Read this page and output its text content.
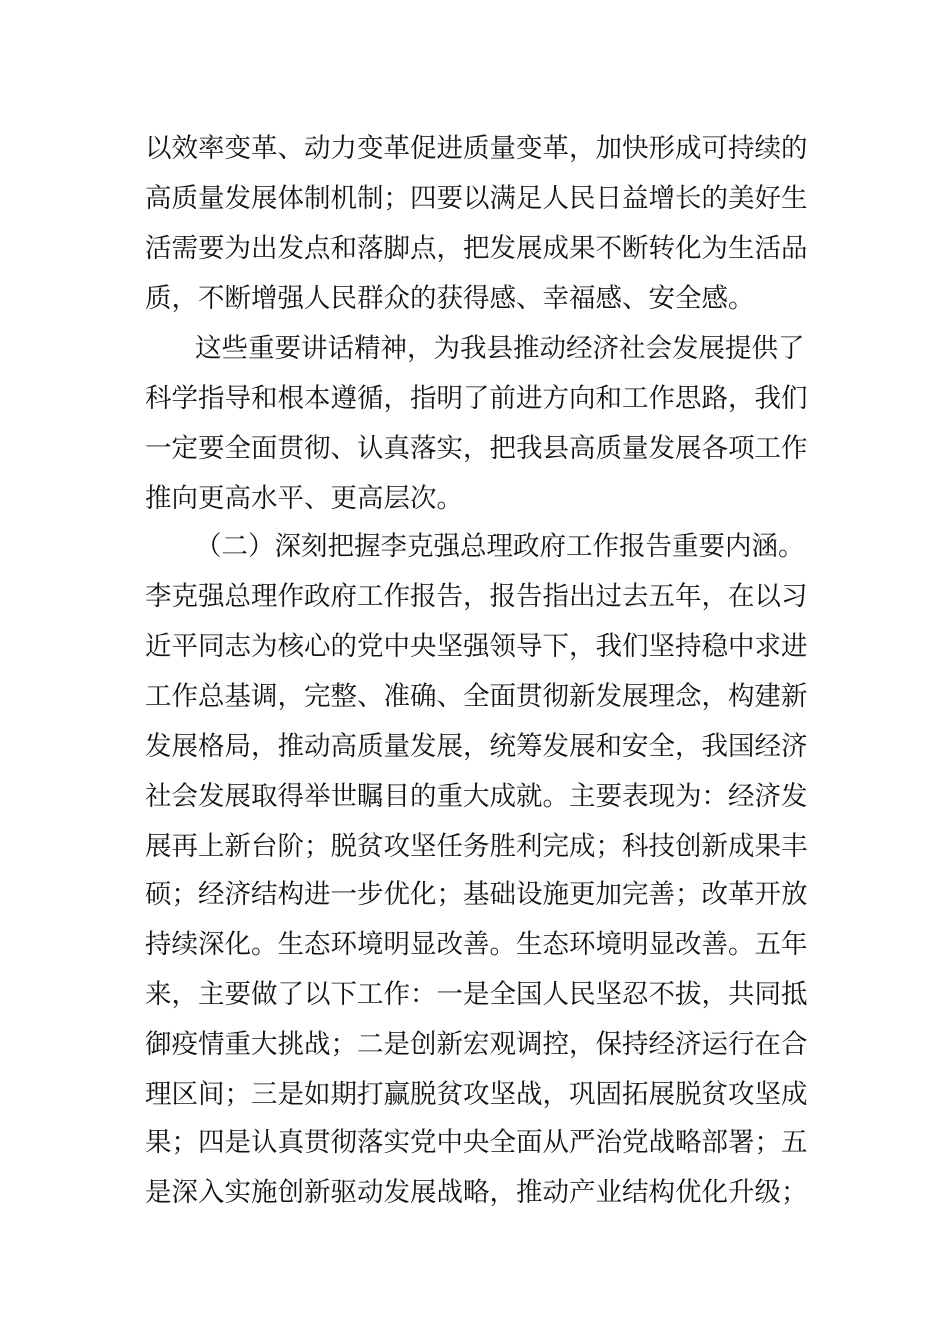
以效率变革、动力变革促进质量变革，加快形成可持续的
高质量发展体制机制；四要以满足人民日益增长的美好生
活需要为出发点和落脚点，把发展成果不断转化为生活品
质，不断增强人民群众的获得感、幸福感、安全感。
这些重要讲话精神，为我县推动经济社会发展提供了
科学指导和根本遵循，指明了前进方向和工作思路，我们
一定要全面贯彻、认真落实，把我县高质量发展各项工作
推向更高水平、更高层次。
（二）深刻把握李克强总理政府工作报告重要内涵。
李克强总理作政府工作报告，报告指出过去五年，在以习
近平同志为核心的党中央坚强领导下，我们坚持稳中求进
工作总基调，完整、准确、全面贯彻新发展理念，构建新
发展格局，推动高质量发展，统筹发展和安全，我国经济
社会发展取得举世瞩目的重大成就。主要表现为：经济发
展再上新台阶；脱贫攻坚任务胜利完成；科技创新成果丰
硕；经济结构进一步优化；基础设施更加完善；改革开放
持续深化。生态环境明显改善。生态环境明显改善。五年
来，主要做了以下工作：一是全国人民坚忍不拔，共同抵
御疫情重大挑战；二是创新宏观调控，保持经济运行在合
理区间；三是如期打赢脱贫攻坚战，巩固拓展脱贫攻坚成
果；四是认真贯彻落实党中央全面从严治党战略部署；五
是深入实施创新驱动发展战略，推动产业结构优化升级；
